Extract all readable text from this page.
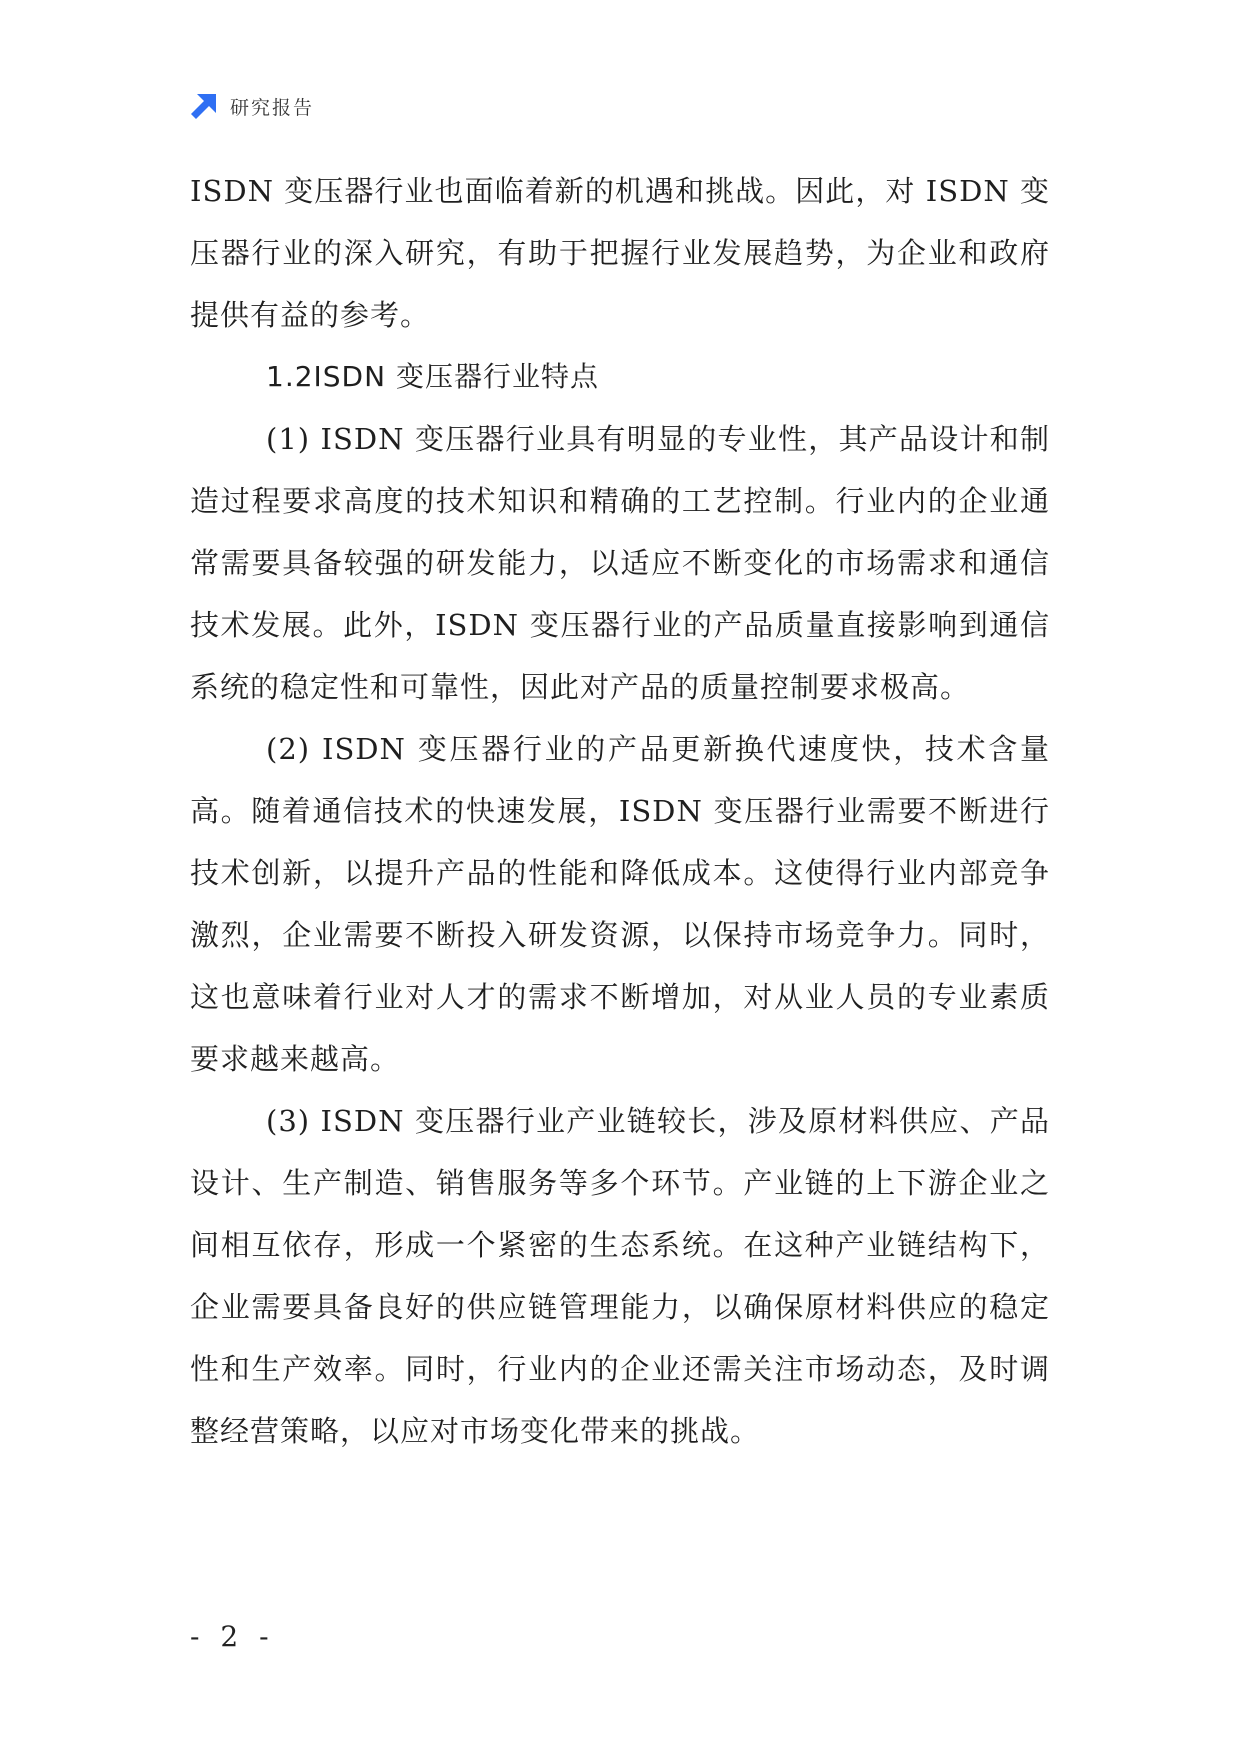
研究报告

ISDN 变压器行业也面临着新的机遇和挑战。因此，对 ISDN 变压器行业的深入研究，有助于把握行业发展趋势，为企业和政府提供有益的参考。

1.2ISDN 变压器行业特点

(1) ISDN 变压器行业具有明显的专业性，其产品设计和制造过程要求高度的技术知识和精确的工艺控制。行业内的企业通常需要具备较强的研发能力，以适应不断变化的市场需求和通信技术发展。此外，ISDN 变压器行业的产品质量直接影响到通信系统的稳定性和可靠性，因此对产品的质量控制要求极高。

(2) ISDN 变压器行业的产品更新换代速度快，技术含量高。随着通信技术的快速发展，ISDN 变压器行业需要不断进行技术创新，以提升产品的性能和降低成本。这使得行业内部竞争激烈，企业需要不断投入研发资源，以保持市场竞争力。同时，这也意味着行业对人才的需求不断增加，对从业人员的专业素质要求越来越高。

(3) ISDN 变压器行业产业链较长，涉及原材料供应、产品设计、生产制造、销售服务等多个环节。产业链的上下游企业之间相互依存，形成一个紧密的生态系统。在这种产业链结构下，企业需要具备良好的供应链管理能力，以确保原材料供应的稳定性和生产效率。同时，行业内的企业还需关注市场动态，及时调整经营策略，以应对市场变化带来的挑战。

- 2 -
